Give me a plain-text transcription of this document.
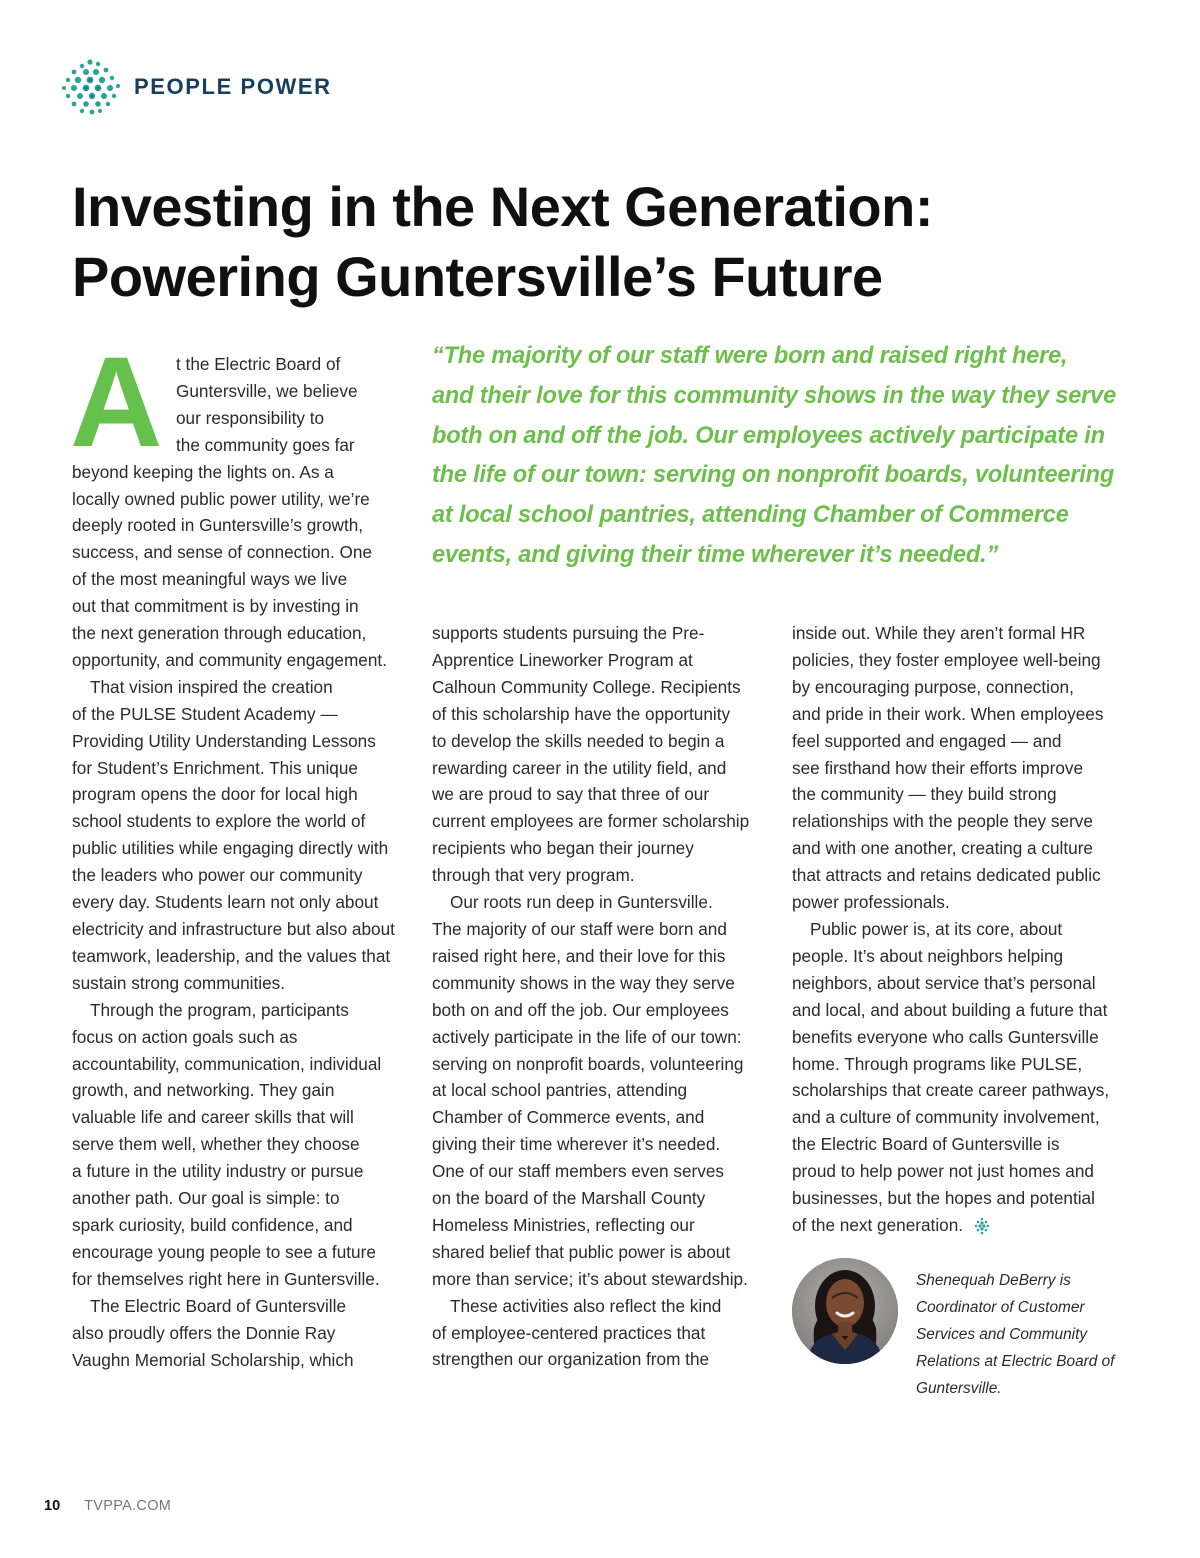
PEOPLE POWER
Investing in the Next Generation:
Powering Guntersville’s Future
“The majority of our staff were born and raised right here,
and their love for this community shows in the way they serve
both on and off the job. Our employees actively participate in
the life of our town: serving on nonprofit boards, volunteering
at local school pantries, attending Chamber of Commerce
events, and giving their time wherever it’s needed.”
A t the Electric Board of
Guntersville, we believe
our responsibility to
the community goes far
beyond keeping the lights on. As a
locally owned public power utility, we’re
deeply rooted in Guntersville’s growth,
success, and sense of connection. One
of the most meaningful ways we live
out that commitment is by investing in
the next generation through education,
opportunity, and community engagement.
That vision inspired the creation
of the PULSE Student Academy —
Providing Utility Understanding Lessons
for Student’s Enrichment. This unique
program opens the door for local high
school students to explore the world of
public utilities while engaging directly with
the leaders who power our community
every day. Students learn not only about
electricity and infrastructure but also about
teamwork, leadership, and the values that
sustain strong communities.
Through the program, participants
focus on action goals such as
accountability, communication, individual
growth, and networking. They gain
valuable life and career skills that will
serve them well, whether they choose
a future in the utility industry or pursue
another path. Our goal is simple: to
spark curiosity, build confidence, and
encourage young people to see a future
for themselves right here in Guntersville.
The Electric Board of Guntersville
also proudly offers the Donnie Ray
Vaughn Memorial Scholarship, which
supports students pursuing the Pre-
Apprentice Lineworker Program at
Calhoun Community College. Recipients
of this scholarship have the opportunity
to develop the skills needed to begin a
rewarding career in the utility field, and
we are proud to say that three of our
current employees are former scholarship
recipients who began their journey
through that very program.
Our roots run deep in Guntersville.
The majority of our staff were born and
raised right here, and their love for this
community shows in the way they serve
both on and off the job. Our employees
actively participate in the life of our town:
serving on nonprofit boards, volunteering
at local school pantries, attending
Chamber of Commerce events, and
giving their time wherever it’s needed.
One of our staff members even serves
on the board of the Marshall County
Homeless Ministries, reflecting our
shared belief that public power is about
more than service; it’s about stewardship.
These activities also reflect the kind
of employee-centered practices that
strengthen our organization from the
inside out. While they aren’t formal HR
policies, they foster employee well-being
by encouraging purpose, connection,
and pride in their work. When employees
feel supported and engaged — and
see firsthand how their efforts improve
the community — they build strong
relationships with the people they serve
and with one another, creating a culture
that attracts and retains dedicated public
power professionals.
Public power is, at its core, about
people. It’s about neighbors helping
neighbors, about service that’s personal
and local, and about building a future that
benefits everyone who calls Guntersville
home. Through programs like PULSE,
scholarships that create career pathways,
and a culture of community involvement,
the Electric Board of Guntersville is
proud to help power not just homes and
businesses, but the hopes and potential
of the next generation.
Shenequah DeBerry is
Coordinator of Customer
Services and Community
Relations at Electric Board of
Guntersville.
10 TVPPA.COM
